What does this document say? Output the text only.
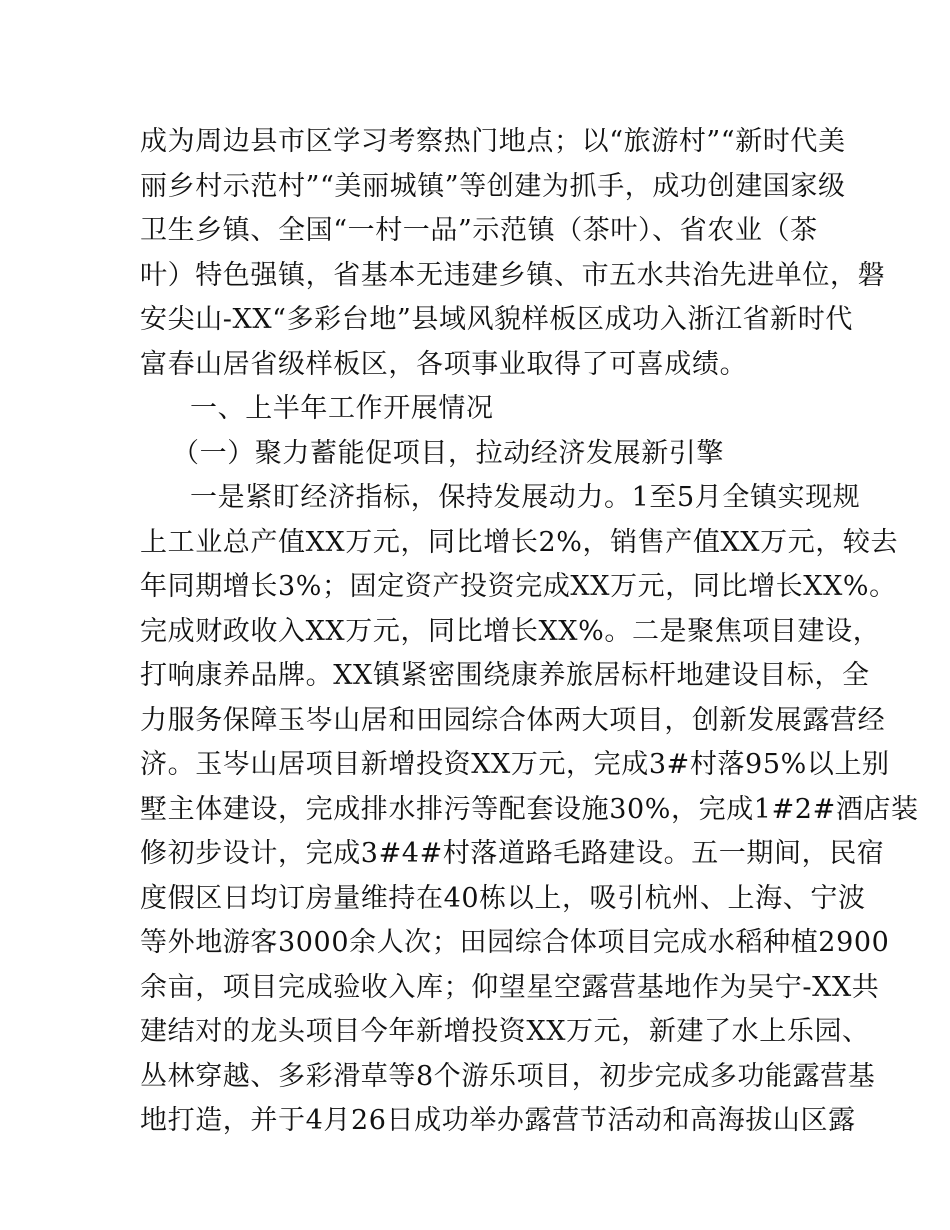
成为周边县市区学习考察热门地点；以“旅游村”“新时代美
丽乡村示范村”“美丽城镇”等创建为抓手，成功创建国家级
卫生乡镇、全国“一村一品”示范镇（茶叶）、省农业（茶
叶）特色强镇，省基本无违建乡镇、市五水共治先进单位，磐
安尖山-XX“多彩台地”县域风貌样板区成功入浙江省新时代
富春山居省级样板区，各项事业取得了可喜成绩。
一、上半年工作开展情况
（一）聚力蓄能促项目，拉动经济发展新引擎
一是紧盯经济指标，保持发展动力。1至5月全镇实现规
上工业总产值XX万元，同比增长2%，销售产值XX万元，较去
年同期增长3%；固定资产投资完成XX万元，同比增长XX%。
完成财政收入XX万元，同比增长XX%。二是聚焦项目建设，
打响康养品牌。XX镇紧密围绕康养旅居标杆地建设目标，全
力服务保障玉岑山居和田园综合体两大项目，创新发展露营经
济。玉岑山居项目新增投资XX万元，完成3#村落95%以上别
墅主体建设，完成排水排污等配套设施30%，完成1#2#酒店装
修初步设计，完成3#4#村落道路毛路建设。五一期间，民宿
度假区日均订房量维持在40栋以上，吸引杭州、上海、宁波
等外地游客3000余人次；田园综合体项目完成水稻种植2900
余亩，项目完成验收入库；仰望星空露营基地作为吴宁-XX共
建结对的龙头项目今年新增投资XX万元，新建了水上乐园、
丛林穿越、多彩滑草等8个游乐项目，初步完成多功能露营基
地打造，并于4月26日成功举办露营节活动和高海拔山区露
